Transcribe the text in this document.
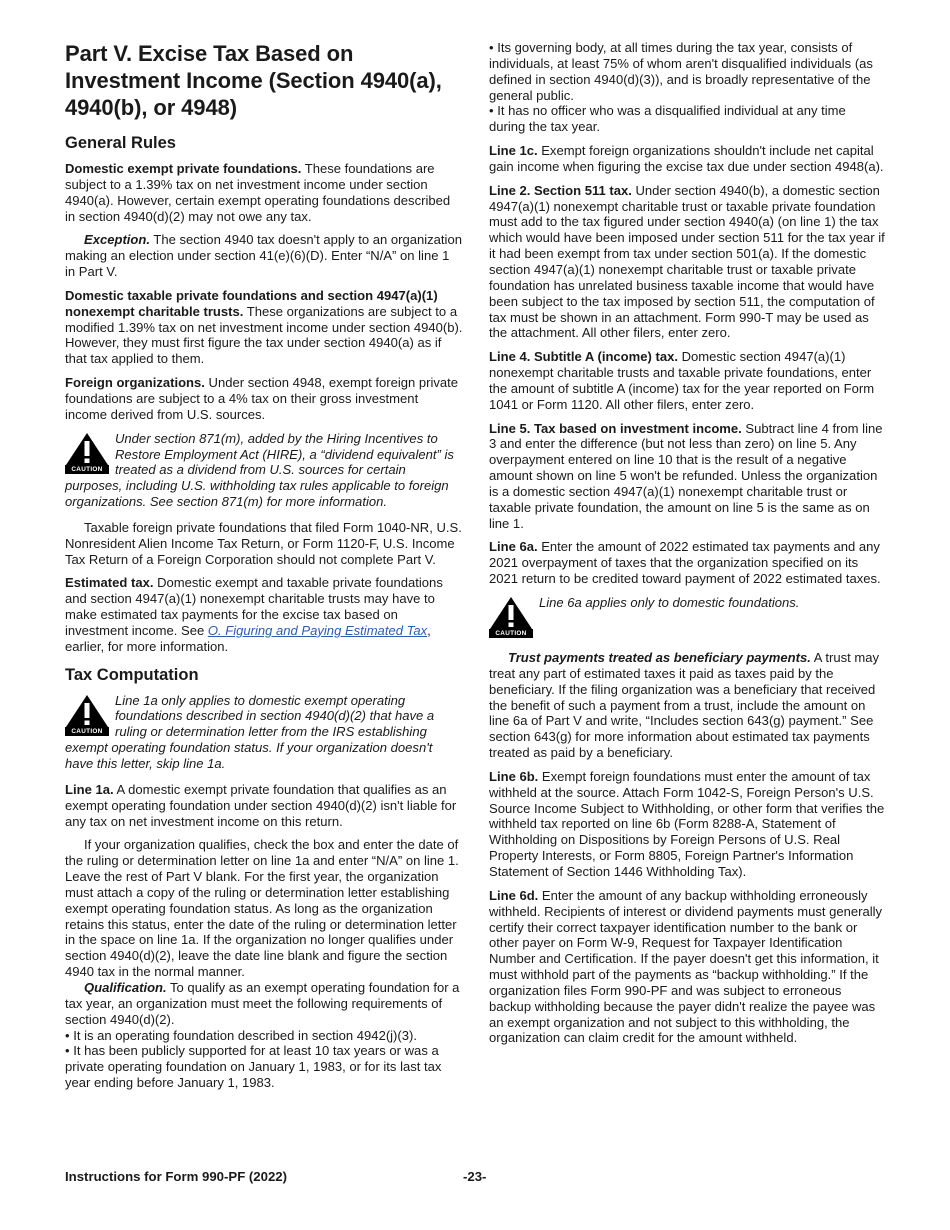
Part V. Excise Tax Based on Investment Income (Section 4940(a), 4940(b), or 4948)
General Rules

Domestic exempt private foundations. These foundations are subject to a 1.39% tax on net investment income under section 4940(a). However, certain exempt operating foundations described in section 4940(d)(2) may not owe any tax.

Exception. The section 4940 tax doesn't apply to an organization making an election under section 41(e)(6)(D). Enter “N/A” on line 1 in Part V.

Domestic taxable private foundations and section 4947(a)(1) nonexempt charitable trusts. These organizations are subject to a modified 1.39% tax on net investment income under section 4940(b). However, they must first figure the tax under section 4940(a) as if that tax applied to them.

Foreign organizations. Under section 4948, exempt foreign private foundations are subject to a 4% tax on their gross investment income derived from U.S. sources.

CAUTION
Under section 871(m), added by the Hiring Incentives to Restore Employment Act (HIRE), a “dividend equivalent” is treated as a dividend from U.S. sources for certain purposes, including U.S. withholding tax rules applicable to foreign organizations. See section 871(m) for more information.

Taxable foreign private foundations that filed Form 1040-NR, U.S. Nonresident Alien Income Tax Return, or Form 1120-F, U.S. Income Tax Return of a Foreign Corporation should not complete Part V.

Estimated tax. Domestic exempt and taxable private foundations and section 4947(a)(1) nonexempt charitable trusts may have to make estimated tax payments for the excise tax based on investment income. See O. Figuring and Paying Estimated Tax, earlier, for more information.

Tax Computation
CAUTION
Line 1a only applies to domestic exempt operating foundations described in section 4940(d)(2) that have a ruling or determination letter from the IRS establishing exempt operating foundation status. If your organization doesn't have this letter, skip line 1a.

Line 1a. A domestic exempt private foundation that qualifies as an exempt operating foundation under section 4940(d)(2) isn't liable for any tax on net investment income on this return.

If your organization qualifies, check the box and enter the date of the ruling or determination letter on line 1a and enter “N/A” on line 1. Leave the rest of Part V blank. For the first year, the organization must attach a copy of the ruling or determination letter establishing exempt operating foundation status. As long as the organization retains this status, enter the date of the ruling or determination letter in the space on line 1a. If the organization no longer qualifies under section 4940(d)(2), leave the date line blank and figure the section 4940 tax in the normal manner.

Qualification. To qualify as an exempt operating foundation for a tax year, an organization must meet the following requirements of section 4940(d)(2).

• It is an operating foundation described in section 4942(j)(3).

• It has been publicly supported for at least 10 tax years or was a private operating foundation on January 1, 1983, or for its last tax year ending before January 1, 1983.

• Its governing body, at all times during the tax year, consists of individuals, at least 75% of whom aren't disqualified individuals (as defined in section 4940(d)(3)), and is broadly representative of the general public.

• It has no officer who was a disqualified individual at any time during the tax year.

Line 1c. Exempt foreign organizations shouldn't include net capital gain income when figuring the excise tax due under section 4948(a).

Line 2. Section 511 tax. Under section 4940(b), a domestic section 4947(a)(1) nonexempt charitable trust or taxable private foundation must add to the tax figured under section 4940(a) (on line 1) the tax which would have been imposed under section 511 for the tax year if it had been exempt from tax under section 501(a). If the domestic section 4947(a)(1) nonexempt charitable trust or taxable private foundation has unrelated business taxable income that would have been subject to the tax imposed by section 511, the computation of tax must be shown in an attachment. Form 990-T may be used as the attachment. All other filers, enter zero.

Line 4. Subtitle A (income) tax. Domestic section 4947(a)(1) nonexempt charitable trusts and taxable private foundations, enter the amount of subtitle A (income) tax for the year reported on Form 1041 or Form 1120. All other filers, enter zero.

Line 5. Tax based on investment income. Subtract line 4 from line 3 and enter the difference (but not less than zero) on line 5. Any overpayment entered on line 10 that is the result of a negative amount shown on line 5 won't be refunded. Unless the organization is a domestic section 4947(a)(1) nonexempt charitable trust or taxable private foundation, the amount on line 5 is the same as on line 1.

Line 6a. Enter the amount of 2022 estimated tax payments and any 2021 overpayment of taxes that the organization specified on its 2021 return to be credited toward payment of 2022 estimated taxes.

CAUTION
Line 6a applies only to domestic foundations.

Trust payments treated as beneficiary payments. A trust may treat any part of estimated taxes it paid as taxes paid by the beneficiary. If the filing organization was a beneficiary that received the benefit of such a payment from a trust, include the amount on line 6a of Part V and write, “Includes section 643(g) payment.” See section 643(g) for more information about estimated tax payments treated as paid by a beneficiary.

Line 6b. Exempt foreign foundations must enter the amount of tax withheld at the source. Attach Form 1042-S, Foreign Person's U.S. Source Income Subject to Withholding, or other form that verifies the withheld tax reported on line 6b (Form 8288-A, Statement of Withholding on Dispositions by Foreign Persons of U.S. Real Property Interests, or Form 8805, Foreign Partner's Information Statement of Section 1446 Withholding Tax).

Line 6d. Enter the amount of any backup withholding erroneously withheld. Recipients of interest or dividend payments must generally certify their correct taxpayer identification number to the bank or other payer on Form W-9, Request for Taxpayer Identification Number and Certification. If the payer doesn't get this information, it must withhold part of the payments as “backup withholding.” If the organization files Form 990-PF and was subject to erroneous backup withholding because the payer didn't realize the payee was an exempt organization and not subject to this withholding, the organization can claim credit for the amount withheld.

Instructions for Form 990-PF (2022)	-23-
